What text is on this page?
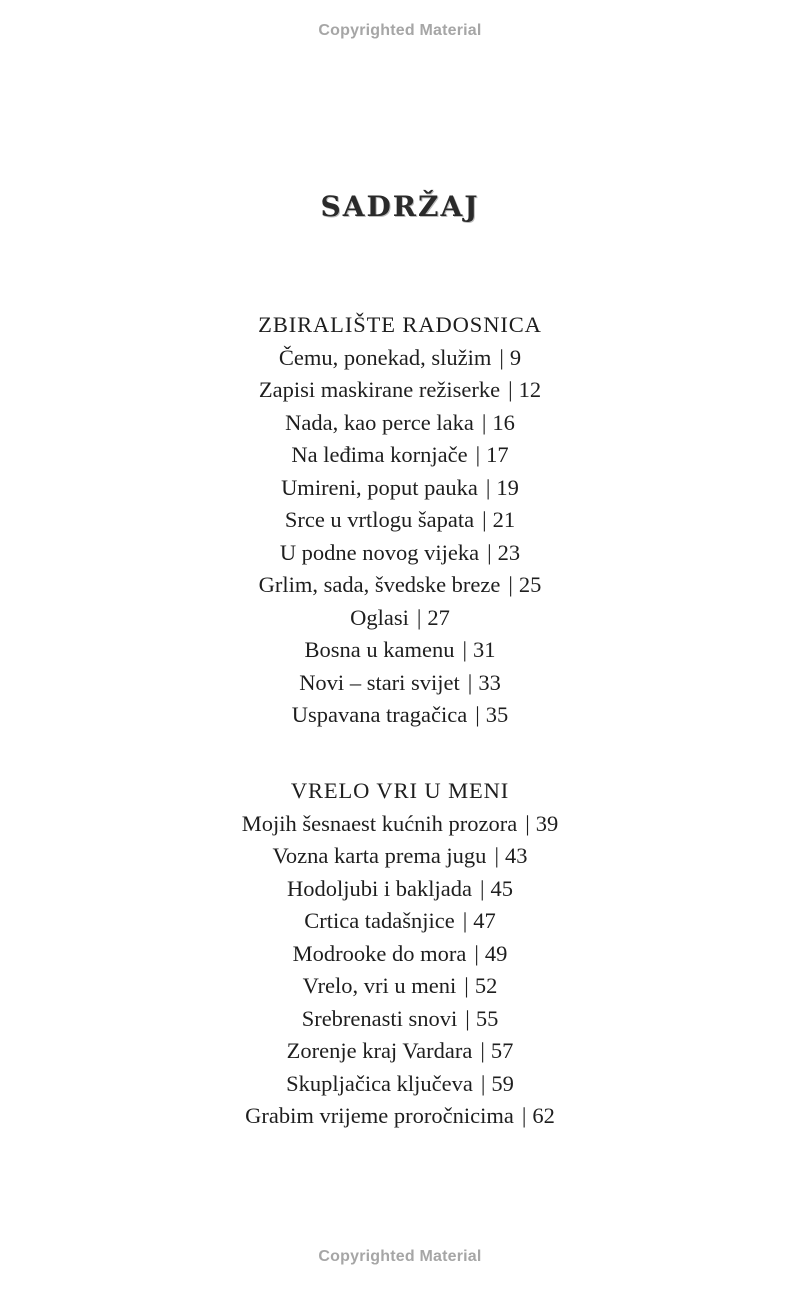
Copyrighted Material
SADRŽAJ
ZBIRALIŠTE RADOSNICA
Čemu, ponekad, služim | 9
Zapisi maskirane režiserke | 12
Nada, kao perce laka | 16
Na leđima kornjače | 17
Umireni, poput pauka | 19
Srce u vrtlogu šapata | 21
U podne novog vijeka | 23
Grlim, sada, švedske breze | 25
Oglasi | 27
Bosna u kamenu | 31
Novi – stari svijet | 33
Uspavana tragačica | 35
VRELO VRI U MENI
Mojih šesnaest kućnih prozora | 39
Vozna karta prema jugu | 43
Hodoljubi i bakljada | 45
Crtica tadašnjice | 47
Modrooke do mora | 49
Vrelo, vri u meni | 52
Srebrenasti snovi | 55
Zorenje kraj Vardara | 57
Skupljačica ključeva | 59
Grabim vrijeme proročnicima | 62
Copyrighted Material
